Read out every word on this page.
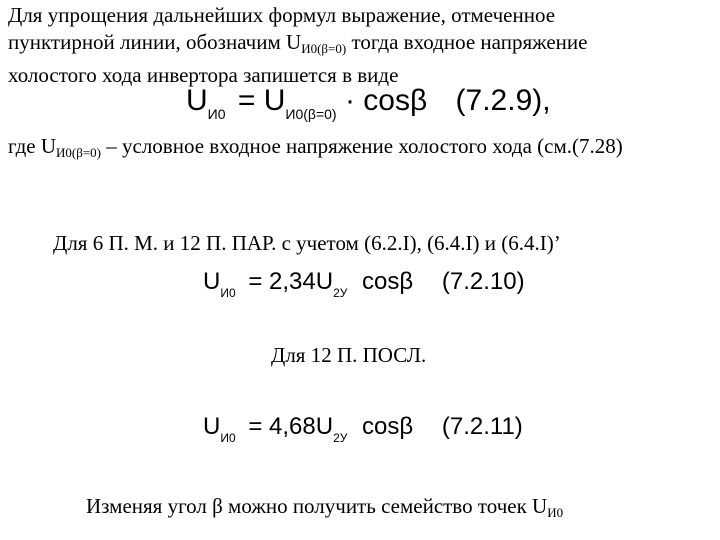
Для упрощения дальнейших формул выражение, отмеченное
пунктирной линии, обозначим $U_{И0(\beta=0)}$ тогда входное напряжение
холостого хода инвертора запишется в виде
$U_{И0} = U_{И0(\beta=0)} \cdot \cos\beta$ (7.2.9),
где $U_{И0(\beta=0)}$ – условное входное напряжение холостого хода (см.(7.28)
Для 6 П. М. и 12 П. ПАР. с учетом (6.2.I), (6.4.I) и (6.4.I)’
$U_{И0} = 2,34U_{2У}$ cosβ (7.2.10)
Для 12 П. ПОСЛ.
$U_{И0} = 4,68U_{2У}$ cosβ (7.2.11)
Изменяя угол β можно получить семейство точек $U_{И0}$
